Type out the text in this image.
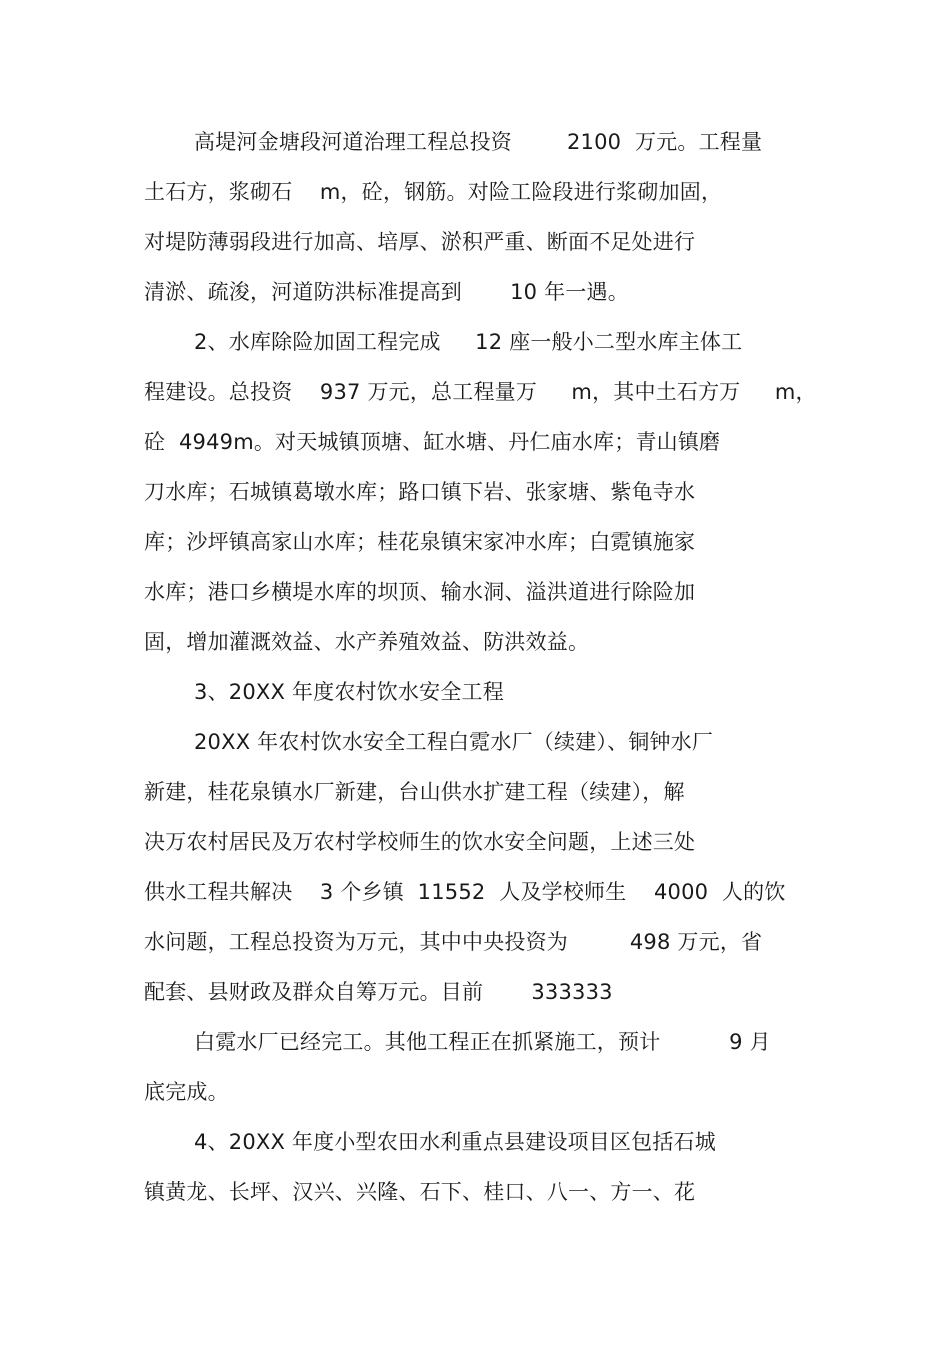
高堤河金塘段河道治理工程总投资        2100  万元。工程量
土石方，浆砌石    m，砼，钢筋。对险工险段进行浆砌加固，
对堤防薄弱段进行加高、培厚、淤积严重、断面不足处进行
清淤、疏浚，河道防洪标准提高到       10 年一遇。
2、水库除险加固工程完成     12 座一般小二型水库主体工
程建设。总投资    937 万元，总工程量万     m，其中土石方万     m，
砼  4949m。对天城镇顶塘、缸水塘、丹仁庙水库；青山镇磨
刀水库；石城镇葛墩水库；路口镇下岩、张家塘、紫龟寺水
库；沙坪镇高家山水库；桂花泉镇宋家冲水库；白霓镇施家
水库；港口乡横堤水库的坝顶、输水洞、溢洪道进行除险加
固，增加灌溉效益、水产养殖效益、防洪效益。
3、20XX 年度农村饮水安全工程
20XX 年农村饮水安全工程白霓水厂（续建）、铜钟水厂
新建，桂花泉镇水厂新建，台山供水扩建工程（续建），解
决万农村居民及万农村学校师生的饮水安全问题，上述三处
供水工程共解决    3 个乡镇  11552  人及学校师生    4000  人的饮
水问题，工程总投资为万元，其中中央投资为         498 万元，省
配套、县财政及群众自筹万元。目前       333333
白霓水厂已经完工。其他工程正在抓紧施工，预计          9 月
底完成。
4、20XX 年度小型农田水利重点县建设项目区包括石城
镇黄龙、长坪、汉兴、兴隆、石下、桂口、八一、方一、花
